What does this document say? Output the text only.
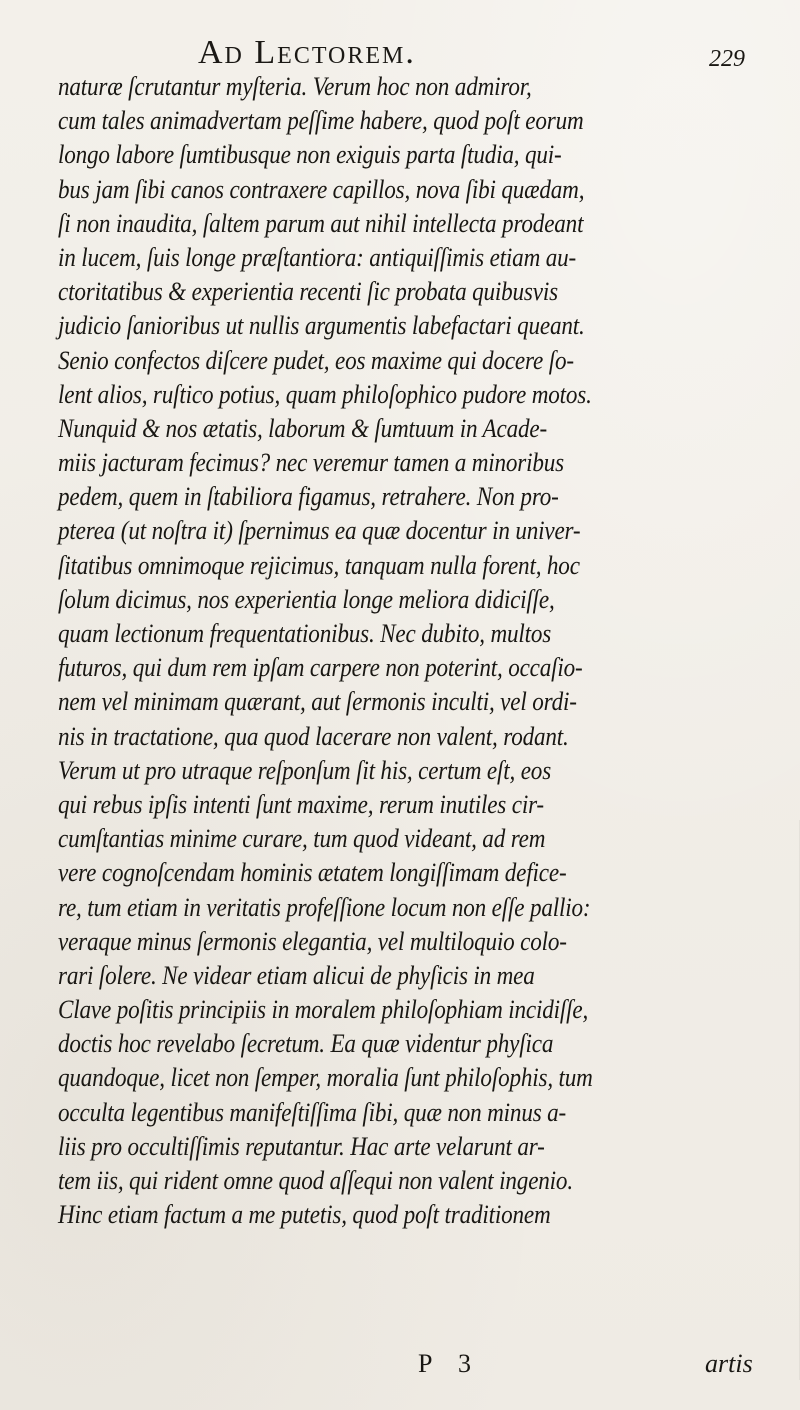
Ad Lectorem.	229
naturæ ſcrutantur myſteria. Verum hoc non admiror,
cum tales animadvertam peſſime habere, quod poſt eorum
longo labore ſumtibusque non exiguis parta ſtudia, qui-
bus jam ſibi canos contraxere capillos, nova ſibi quædam,
ſi non inaudita, ſaltem parum aut nihil intellecta prodeant
in lucem, ſuis longe præſtantiora: antiquiſſimis etiam au-
ctoritatibus & experientia recenti ſic probata quibusvis
judicio ſanioribus ut nullis argumentis labefactari queant.
Senio confectos diſcere pudet, eos maxime qui docere ſo-
lent alios, ruſtico potius, quam philoſophico pudore motos.
Nunquid & nos ætatis, laborum & ſumtuum in Acade-
miis jacturam fecimus? nec veremur tamen a minoribus
pedem, quem in ſtabiliora figamus, retrahere. Non pro-
pterea (ut noſtra it) ſpernimus ea quæ docentur in univer-
ſitatibus omnimoque rejicimus, tanquam nulla forent, hoc
ſolum dicimus, nos experientia longe meliora didiciſſe,
quam lectionum frequentationibus. Nec dubito, multos
futuros, qui dum rem ipſam carpere non poterint, occaſio-
nem vel minimam quærant, aut ſermonis inculti, vel ordi-
nis in tractatione, qua quod lacerare non valent, rodant.
Verum ut pro utraque reſponſum ſit his, certum eſt, eos
qui rebus ipſis intenti ſunt maxime, rerum inutiles cir-
cumſtantias minime curare, tum quod videant, ad rem
vere cognoſcendam hominis ætatem longiſſimam defice-
re, tum etiam in veritatis profeſſione locum non eſſe pallio:
veraque minus ſermonis elegantia, vel multiloquio colo-
rari ſolere. Ne videar etiam alicui de phyſicis in mea
Clave poſitis principiis in moralem philoſophiam incidiſſe,
doctis hoc revelabo ſecretum. Ea quæ videntur phyſica
quandoque, licet non ſemper, moralia ſunt philoſophis, tum
occulta legentibus manifeſtiſſima ſibi, quæ non minus a-
liis pro occultiſſimis reputantur. Hac arte velarunt ar-
tem iis, qui rident omne quod aſſequi non valent ingenio.
Hinc etiam factum a me putetis, quod poſt traditionem
P 3	artis
